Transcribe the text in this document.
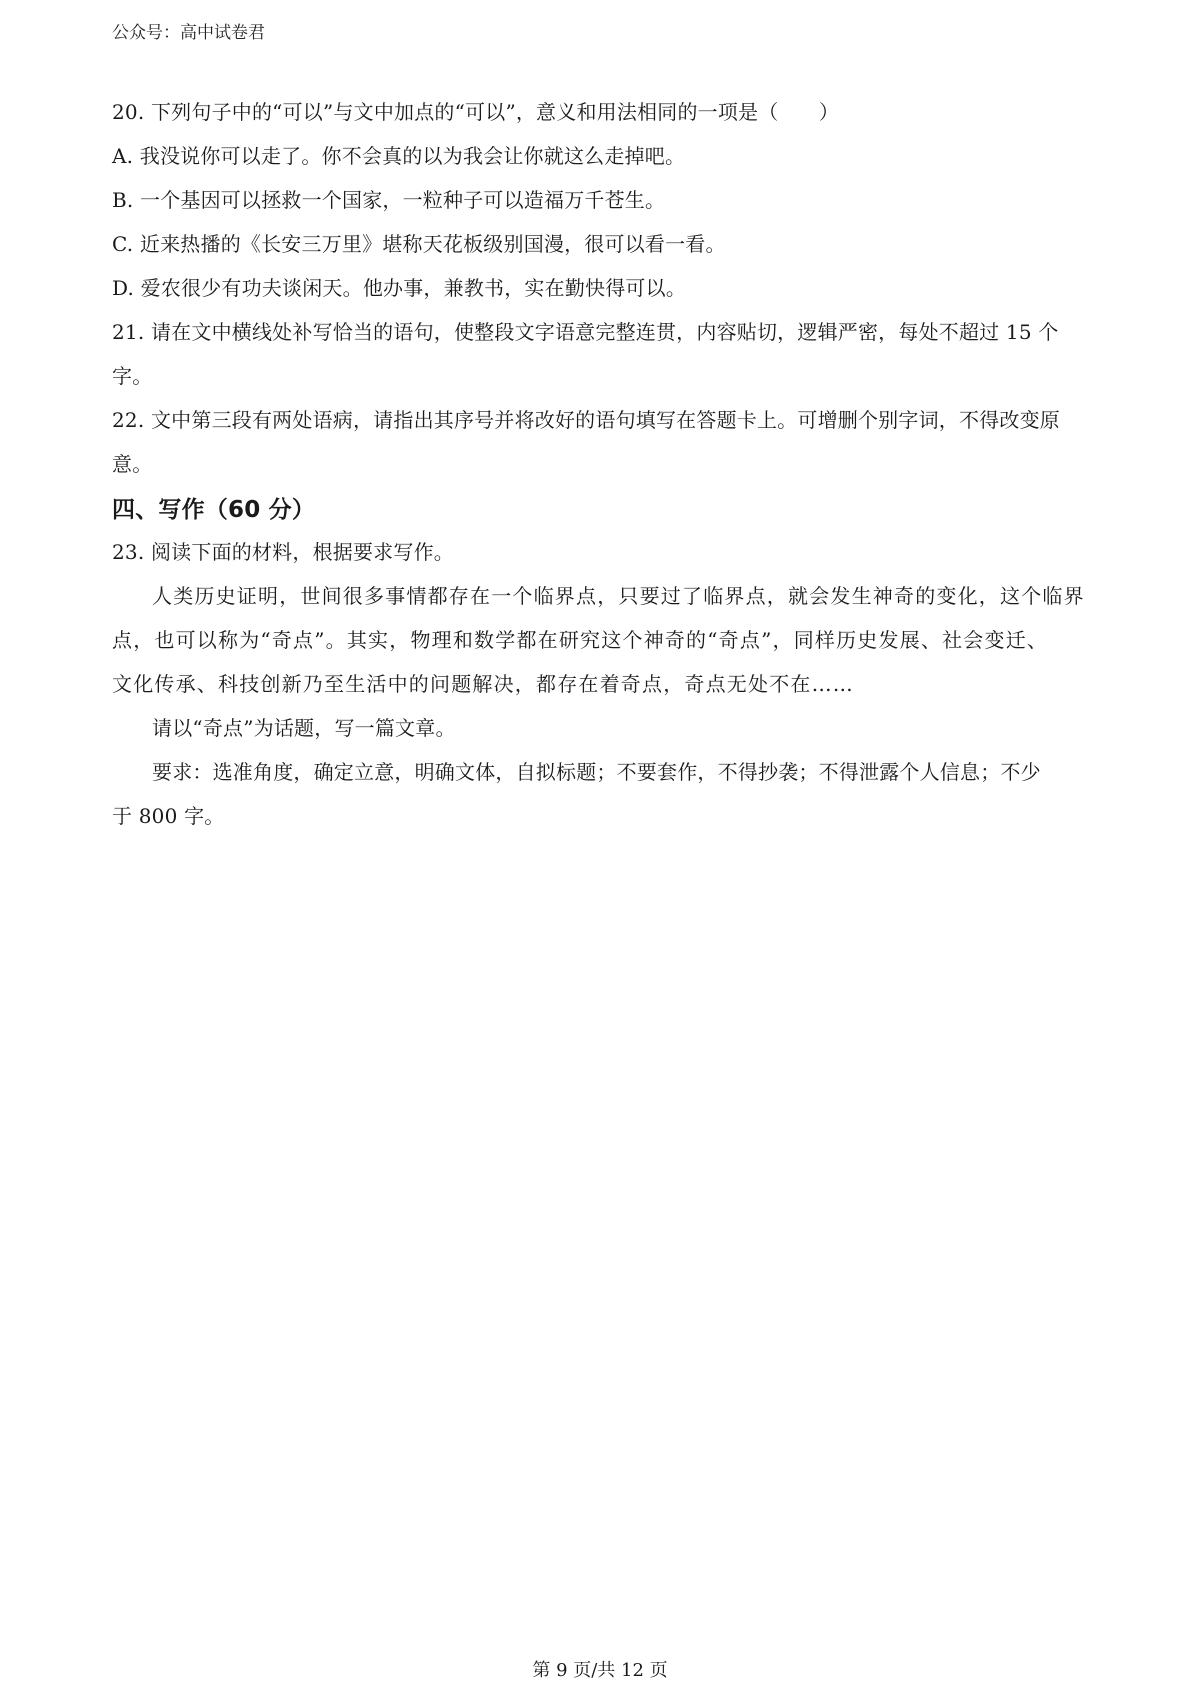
公众号：高中试卷君
20. 下列句子中的“可以”与文中加点的“可以”，意义和用法相同的一项是（　　）
A. 我没说你可以走了。你不会真的以为我会让你就这么走掉吧。
B. 一个基因可以拯救一个国家，一粒种子可以造福万千苍生。
C. 近来热播的《长安三万里》堪称天花板级别国漫，很可以看一看。
D. 爱农很少有功夫谈闲天。他办事，兼教书，实在勤快得可以。
21. 请在文中横线处补写恰当的语句，使整段文字语意完整连贯，内容贴切，逻辑严密，每处不超过 15 个
字。
22. 文中第三段有两处语病，请指出其序号并将改好的语句填写在答题卡上。可增删个别字词，不得改变原
意。
四、写作（60 分）
23. 阅读下面的材料，根据要求写作。
人类历史证明，世间很多事情都存在一个临界点，只要过了临界点，就会发生神奇的变化，这个临界
点，也可以称为“奇点”。其实，物理和数学都在研究这个神奇的“奇点”，同样历史发展、社会变迁、
文化传承、科技创新乃至生活中的问题解决，都存在着奇点，奇点无处不在……
请以“奇点”为话题，写一篇文章。
要求：选准角度，确定立意，明确文体，自拟标题；不要套作，不得抄袭；不得泄露个人信息；不少
于 800 字。
第 9 页/共 12 页
